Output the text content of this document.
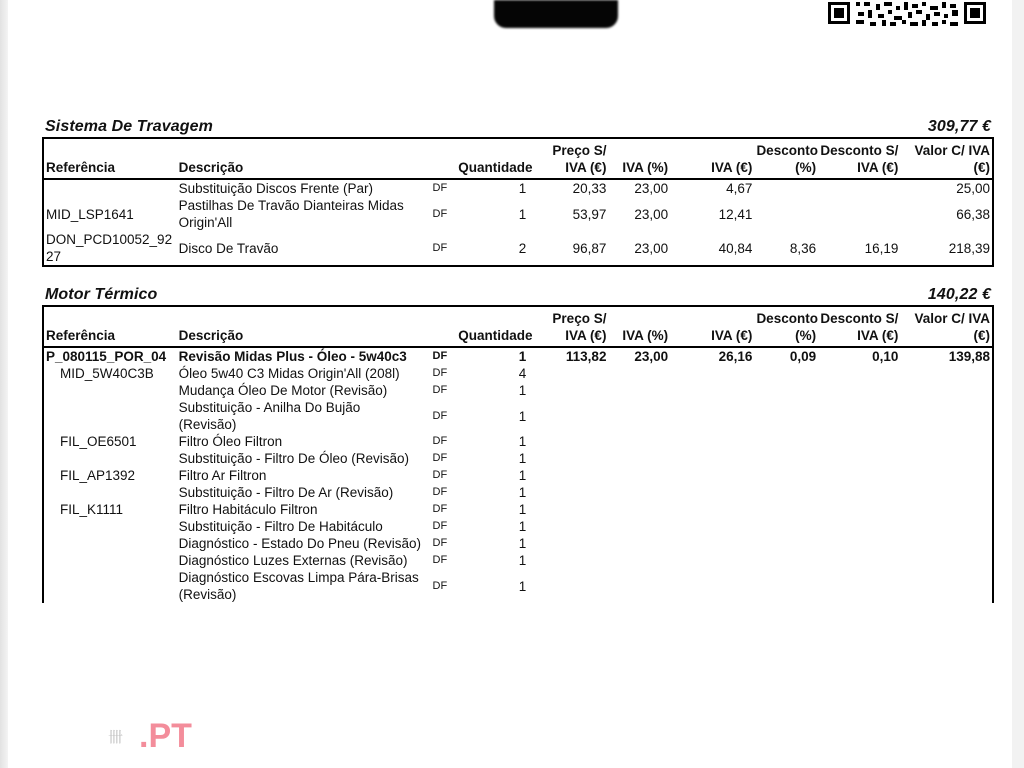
Sistema De Travagem	309,77 €
Referência	Descrição		Quantidade	Preço S/ IVA (€)	IVA (%)	IVA (€)	Desconto (%)	Desconto S/ IVA (€)	Valor C/ IVA (€)
	Substituição Discos Frente (Par)	DF	1	20,33	23,00	4,67			25,00
MID_LSP1641	Pastilhas De Travão Dianteiras Midas Origin'All	DF	1	53,97	23,00	12,41			66,38
DON_PCD10052_9227	Disco De Travão	DF	2	96,87	23,00	40,84	8,36	16,19	218,39
Motor Térmico	140,22 €
Referência	Descrição		Quantidade	Preço S/ IVA (€)	IVA (%)	IVA (€)	Desconto (%)	Desconto S/ IVA (€)	Valor C/ IVA (€)
P_080115_POR_04	Revisão Midas Plus - Óleo - 5w40c3	DF	1	113,82	23,00	26,16	0,09	0,10	139,88
MID_5W40C3B	Óleo 5w40 C3 Midas Origin'All (208l)	DF	4						
	Mudança Óleo De Motor (Revisão)	DF	1						
	Substituição - Anilha Do Bujão (Revisão)	DF	1						
FIL_OE6501	Filtro Óleo Filtron	DF	1						
	Substituição - Filtro De Óleo (Revisão)	DF	1						
FIL_AP1392	Filtro Ar Filtron	DF	1						
	Substituição - Filtro De Ar (Revisão)	DF	1						
FIL_K1111	Filtro Habitáculo Filtron	DF	1						
	Substituição - Filtro De Habitáculo	DF	1						
	Diagnóstico - Estado Do Pneu (Revisão)	DF	1						
	Diagnóstico Luzes Externas (Revisão)	DF	1						
	Diagnóstico Escovas Limpa Pára-Brisas (Revisão)	DF	1						
卌 .PT
